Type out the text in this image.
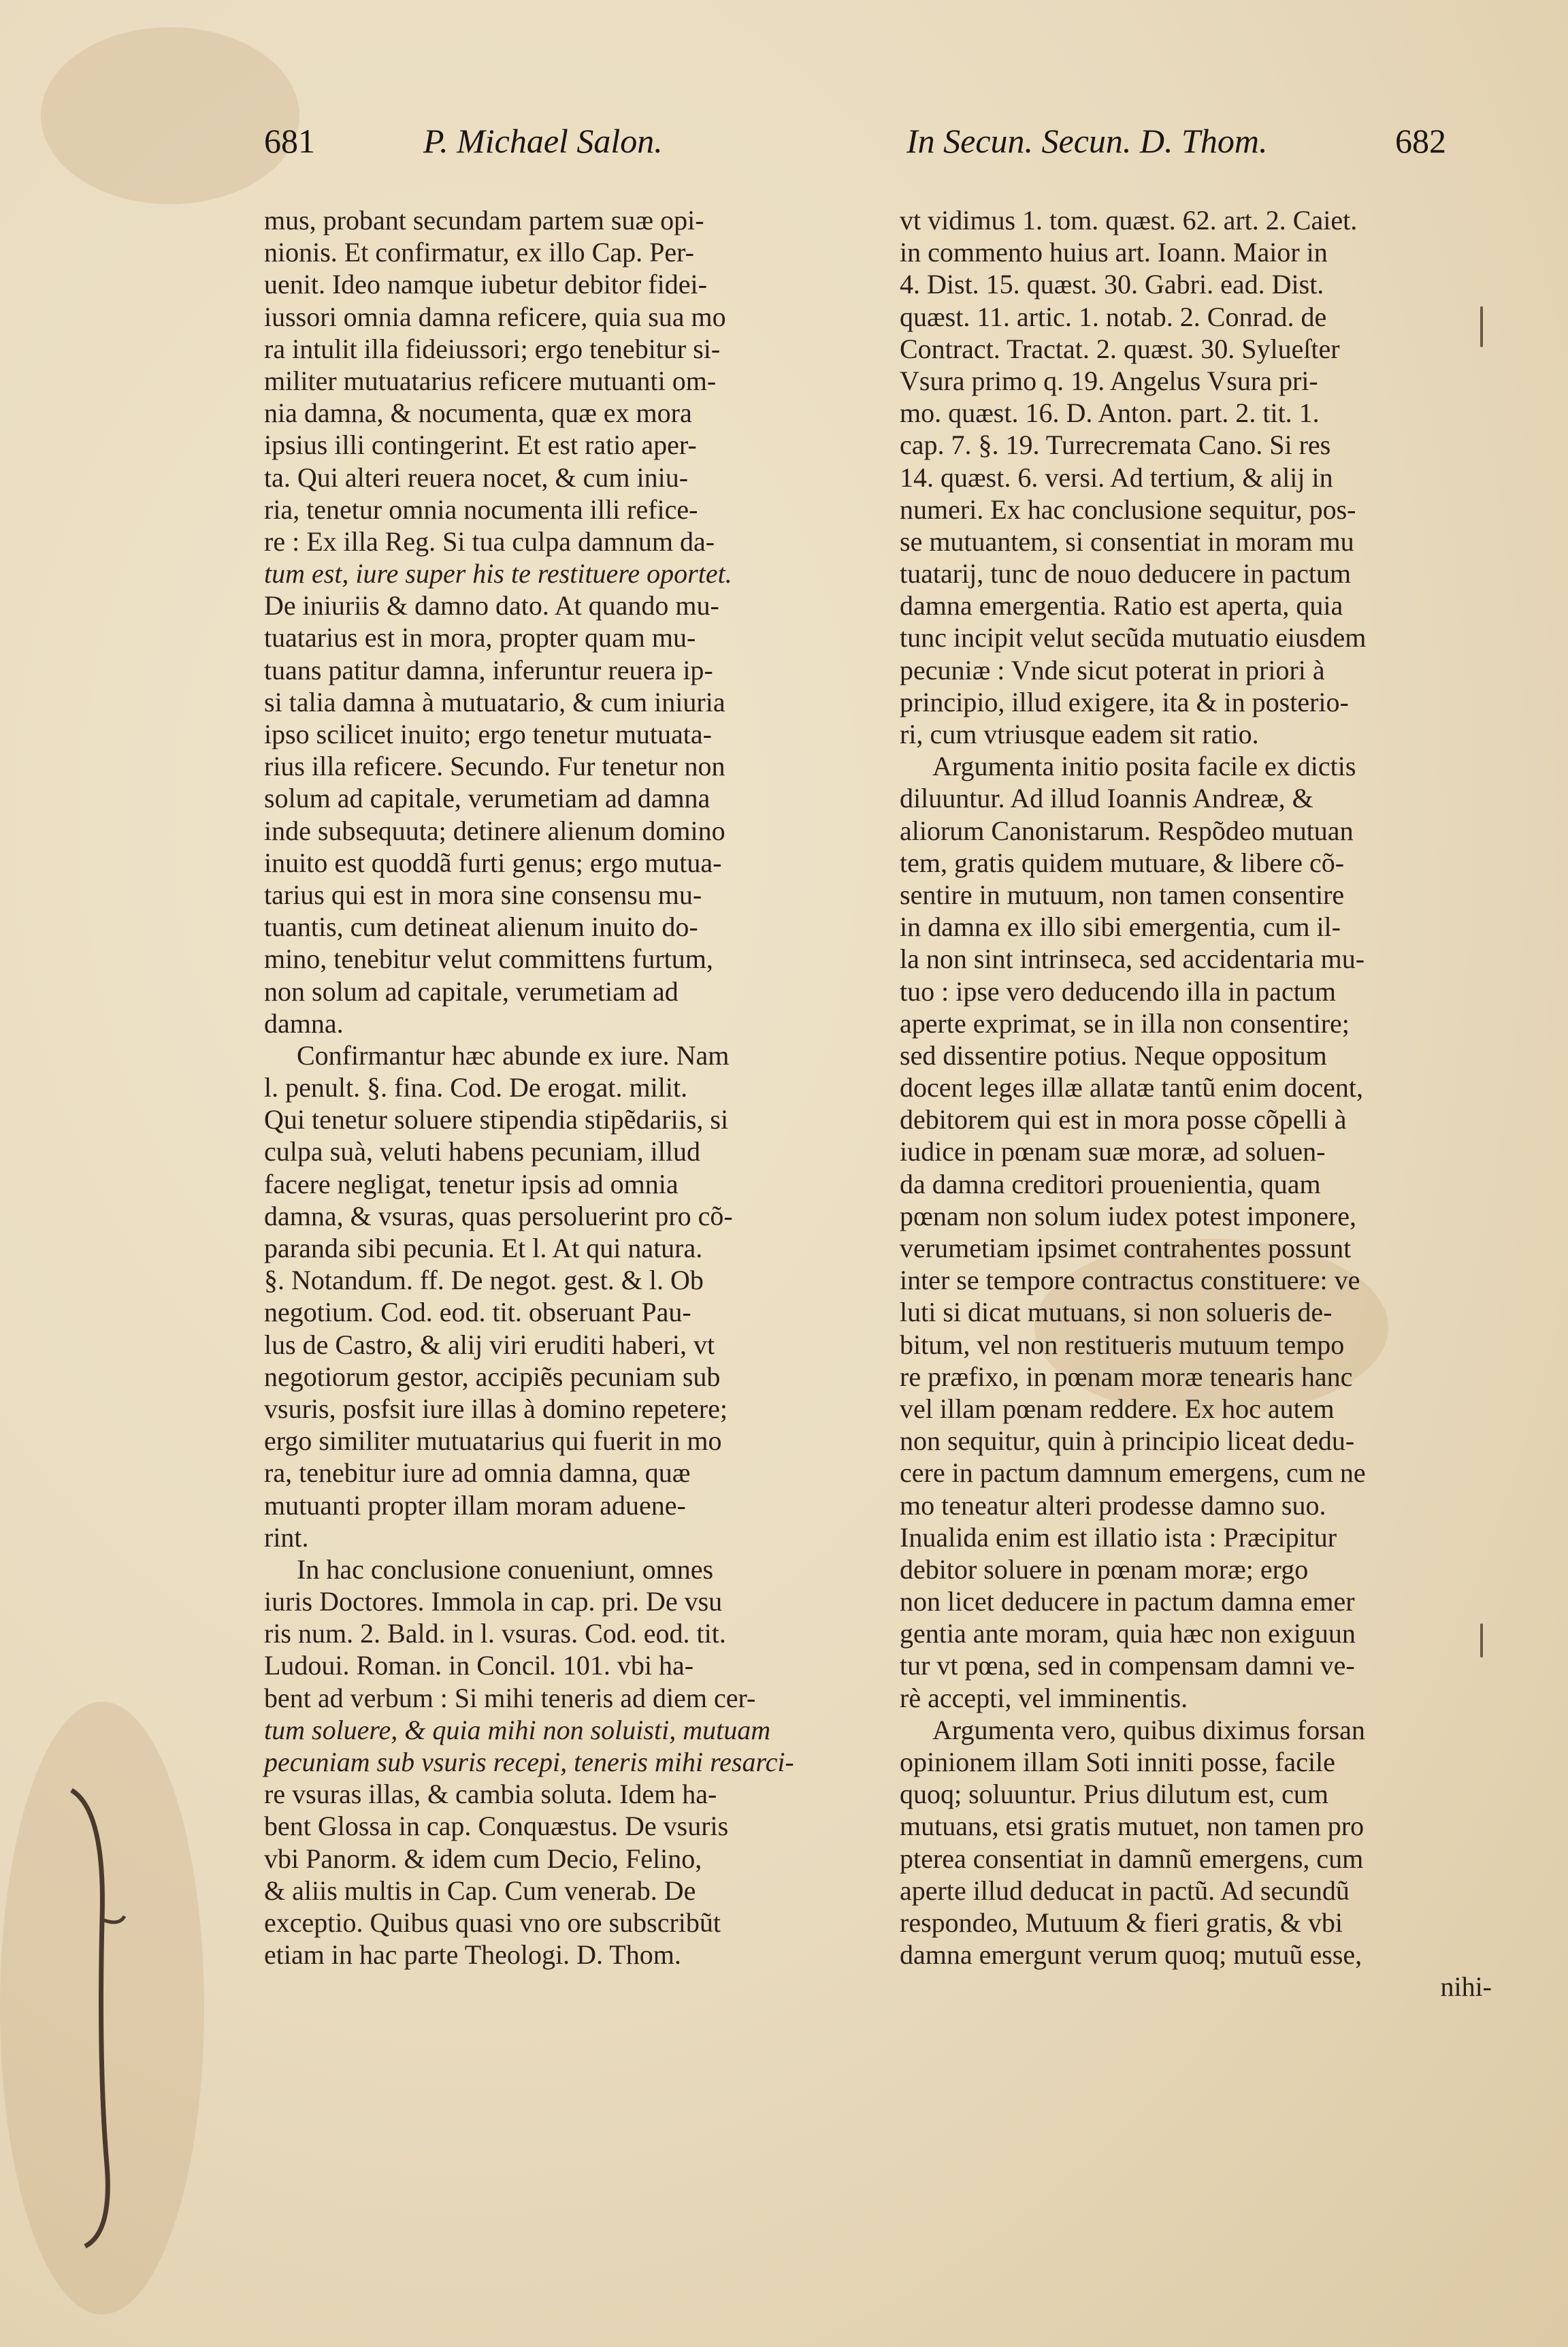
681	P. Michael Salon.	In Secun. Secun. D. Thom.	682
mus, probant secundam partem suæ opi-
nionis. Et confirmatur, ex illo Cap. Per-
uenit. Ideo namque iubetur debitor fidei-
iussori omnia damna reficere, quia sua mo
ra intulit illa fideiussori; ergo tenebitur si-
militer mutuatarius reficere mutuanti om-
nia damna, & nocumenta, quæ ex mora
ipsius illi contingerint. Et est ratio aper-
ta. Qui alteri reuera nocet, & cum iniu-
ria, tenetur omnia nocumenta illi refice-
re : Ex illa Reg. Si tua culpa damnum da-
tum est, iure super his te restituere oportet.
De iniuriis & damno dato. At quando mu-
tuatarius est in mora, propter quam mu-
tuans patitur damna, inferuntur reuera ip-
si talia damna à mutuatario, & cum iniuria
ipso scilicet inuito; ergo tenetur mutuata-
rius illa reficere. Secundo. Fur tenetur non
solum ad capitale, verumetiam ad damna
inde subsequuta; detinere alienum domino
inuito est quoddã furti genus; ergo mutua-
tarius qui est in mora sine consensu mu-
tuantis, cum detineat alienum inuito do-
mino, tenebitur velut committens furtum,
non solum ad capitale, verumetiam ad
damna.
Confirmantur hæc abunde ex iure. Nam
l. penult. §. fina. Cod. De erogat. milit.
Qui tenetur soluere stipendia stipẽdariis, si
culpa suà, veluti habens pecuniam, illud
facere negligat, tenetur ipsis ad omnia
damna, & vsuras, quas persoluerint pro cõ-
paranda sibi pecunia. Et l. At qui natura.
§. Notandum. ff. De negot. gest. & l. Ob
negotium. Cod. eod. tit. obseruant Pau-
lus de Castro, & alij viri eruditi haberi, vt
negotiorum gestor, accipiẽs pecuniam sub
vsuris, posfsit iure illas à domino repetere;
ergo similiter mutuatarius qui fuerit in mo
ra, tenebitur iure ad omnia damna, quæ
mutuanti propter illam moram aduene-
rint.
In hac conclusione conueniunt, omnes
iuris Doctores. Immola in cap. pri. De vsu
ris num. 2. Bald. in l. vsuras. Cod. eod. tit.
Ludoui. Roman. in Concil. 101. vbi ha-
bent ad verbum : Si mihi teneris ad diem cer-
tum soluere, & quia mihi non soluisti, mutuam
pecuniam sub vsuris recepi, teneris mihi resarci-
re vsuras illas, & cambia soluta. Idem ha-
bent Glossa in cap. Conquæstus. De vsuris
vbi Panorm. & idem cum Decio, Felino,
& aliis multis in Cap. Cum venerab. De
exceptio. Quibus quasi vno ore subscribũt
etiam in hac parte Theologi. D. Thom.
vt vidimus 1. tom. quæst. 62. art. 2. Caiet.
in commento huius art. Ioann. Maior in
4. Dist. 15. quæst. 30. Gabri. ead. Dist.
quæst. 11. artic. 1. notab. 2. Conrad. de
Contract. Tractat. 2. quæst. 30. Sylueſter
Vsura primo q. 19. Angelus Vsura pri-
mo. quæst. 16. D. Anton. part. 2. tit. 1.
cap. 7. §. 19. Turrecremata Cano. Si res
14. quæst. 6. versi. Ad tertium, & alij in
numeri. Ex hac conclusione sequitur, pos-
se mutuantem, si consentiat in moram mu
tuatarij, tunc de nouo deducere in pactum
damna emergentia. Ratio est aperta, quia
tunc incipit velut secũda mutuatio eiusdem
pecuniæ : Vnde sicut poterat in priori à
principio, illud exigere, ita & in posterio-
ri, cum vtriusque eadem sit ratio.
Argumenta initio posita facile ex dictis
diluuntur. Ad illud Ioannis Andreæ, &
aliorum Canonistarum. Respõdeo mutuan
tem, gratis quidem mutuare, & libere cõ-
sentire in mutuum, non tamen consentire
in damna ex illo sibi emergentia, cum il-
la non sint intrinseca, sed accidentaria mu-
tuo : ipse vero deducendo illa in pactum
aperte exprimat, se in illa non consentire;
sed dissentire potius. Neque oppositum
docent leges illæ allatæ tantũ enim docent,
debitorem qui est in mora posse cõpelli à
iudice in pœnam suæ moræ, ad soluen-
da damna creditori prouenientia, quam
pœnam non solum iudex potest imponere,
verumetiam ipsimet contrahentes possunt
inter se tempore contractus constituere: ve
luti si dicat mutuans, si non solueris de-
bitum, vel non restitueris mutuum tempo
re præfixo, in pœnam moræ tenearis hanc
vel illam pœnam reddere. Ex hoc autem
non sequitur, quin à principio liceat dedu-
cere in pactum damnum emergens, cum ne
mo teneatur alteri prodesse damno suo.
Inualida enim est illatio ista : Præcipitur
debitor soluere in pœnam moræ; ergo
non licet deducere in pactum damna emer
gentia ante moram, quia hæc non exiguun
tur vt pœna, sed in compensam damni ve-
rè accepti, vel imminentis.
Argumenta vero, quibus diximus forsan
opinionem illam Soti inniti posse, facile
quoq; soluuntur. Prius dilutum est, cum
mutuans, etsi gratis mutuet, non tamen pro
pterea consentiat in damnũ emergens, cum
aperte illud deducat in pactũ. Ad secundũ
respondeo, Mutuum & fieri gratis, & vbi
damna emergunt verum quoq; mutuũ esse,
nihi-
